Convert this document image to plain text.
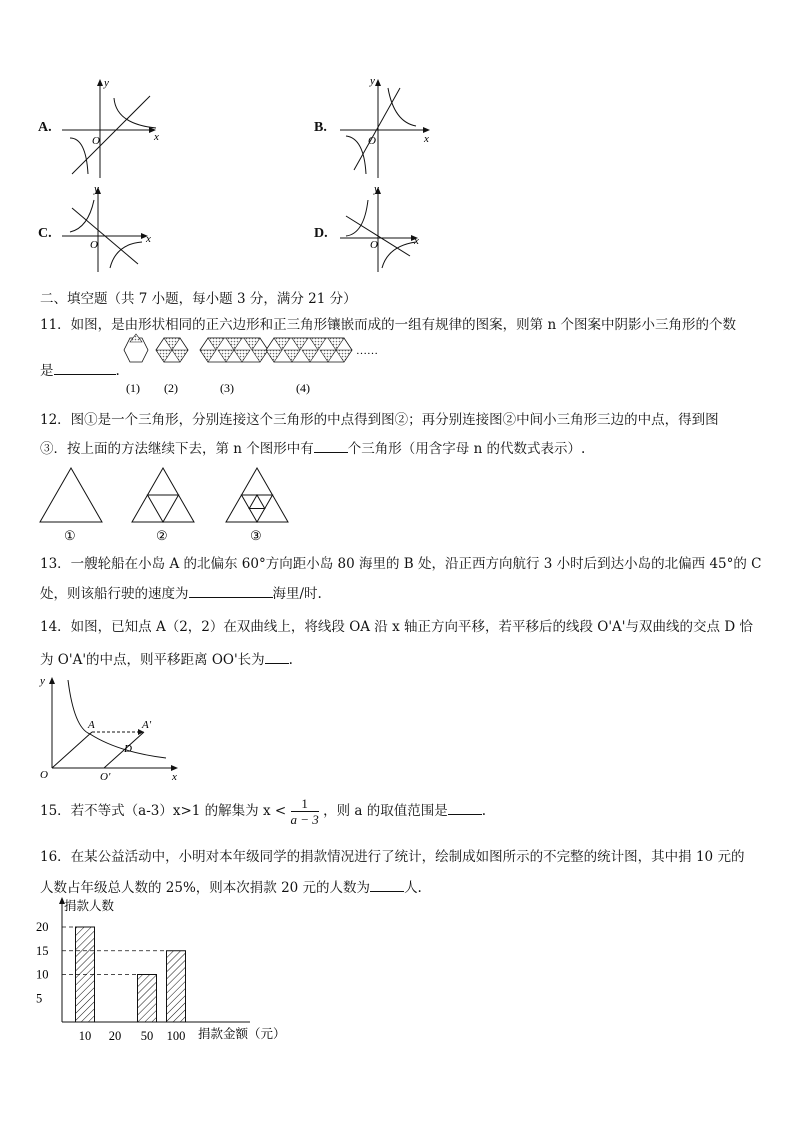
A.
x
y
O
B.
x
y
O
C.	x
y
O
D.	x
y
O
二、填空题（共 7 小题，每小题 3 分，满分 21 分）
11．如图，是由形状相同的正六边形和正三角形镶嵌而成的一组有规律的图案，则第 n 个图案中阴影小三角形的个数
是	.
(1) (2)	(3)	(4)
……
12．图①是一个三角形，分别连接这个三角形的中点得到图②；再分别连接图②中间小三角形三边的中点，得到图
③．按上面的方法继续下去，第 n 个图形中有	个三角形（用含字母 n 的代数式表示）.
①	②	③
13．一艘轮船在小岛 A 的北偏东 60°方向距小岛 80 海里的 B 处，沿正西方向航行 3 小时后到达小岛的北偏西 45°的 C
处，则该船行驶的速度为	海里/时.
14．如图，已知点 A（2，2）在双曲线上，将线段 OA 沿 x 轴正方向平移，若平移后的线段 O'A'与双曲线的交点 D 恰
为 O'A'的中点，则平移距离 OO'长为 .
y
O	x
A	A'
D
O'
15．若不等式（a-3）x>1 的解集为 $x < \frac{1}{a - 3}$ ，则 a 的取值范围是	.
16．在某公益活动中，小明对本年级同学的捐款情况进行了统计，绘制成如图所示的不完整的统计图，其中捐 10 元的
人数占年级总人数的 25%，则本次捐款 20 元的人数为	人.
捐款人数
捐款金额（元）
20
15
10
5
10 20 50 100
